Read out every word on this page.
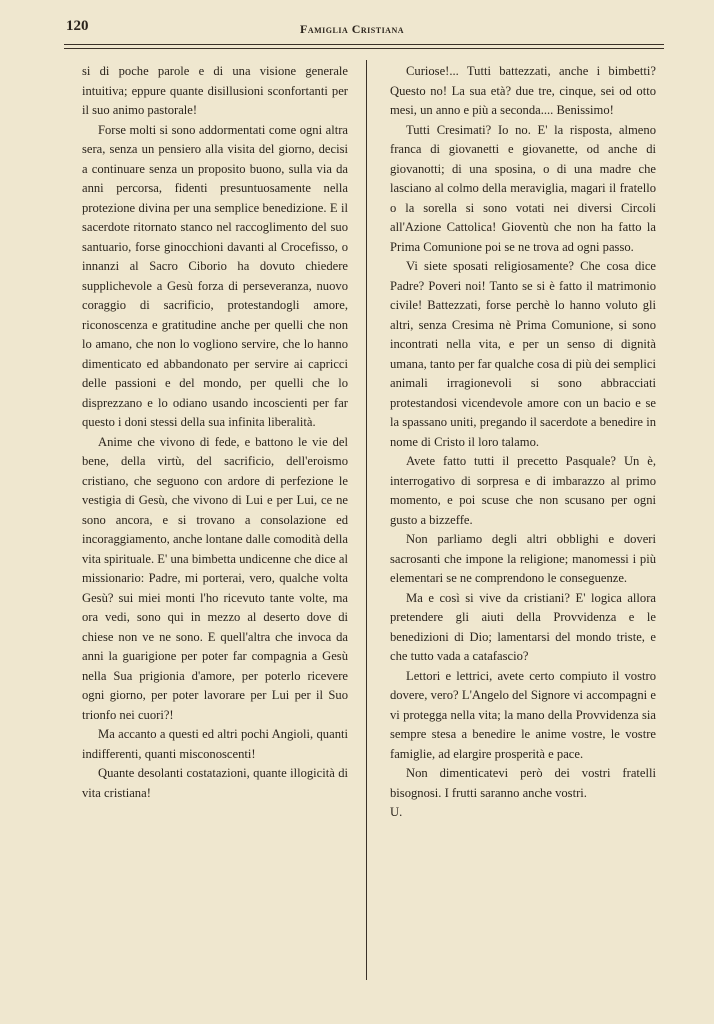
120	Famiglia Cristiana

si di poche parole e di una visione generale intuitiva; eppure quante disillusioni sconfortanti per il suo animo pastorale!

Forse molti si sono addormentati come ogni altra sera, senza un pensiero alla visita del giorno, decisi a continuare senza un proposito buono, sulla via da anni percorsa, fidenti presuntuosamente nella protezione divina per una semplice benedizione. E il sacerdote ritornato stanco nel raccoglimento del suo santuario, forse ginocchioni davanti al Crocefisso, o innanzi al Sacro Ciborio ha dovuto chiedere supplichevole a Gesù forza di perseveranza, nuovo coraggio di sacrificio, protestandogli amore, riconoscenza e gratitudine anche per quelli che non lo amano, che non lo vogliono servire, che lo hanno dimenticato ed abbandonato per servire ai capricci delle passioni e del mondo, per quelli che lo disprezzano e lo odiano usando incoscienti per far questo i doni stessi della sua infinita liberalità.

Anime che vivono di fede, e battono le vie del bene, della virtù, del sacrificio, dell'eroismo cristiano, che seguono con ardore di perfezione le vestigia di Gesù, che vivono di Lui e per Lui, ce ne sono ancora, e si trovano a consolazione ed incoraggiamento, anche lontane dalle comodità della vita spirituale. E' una bimbetta undicenne che dice al missionario: Padre, mi porterai, vero, qualche volta Gesù? sui miei monti l'ho ricevuto tante volte, ma ora vedi, sono qui in mezzo al deserto dove di chiese non ve ne sono. E quell'altra che invoca da anni la guarigione per poter far compagnia a Gesù nella Sua prigionia d'amore, per poterlo ricevere ogni giorno, per poter lavorare per Lui per il Suo trionfo nei cuori?!

Ma accanto a questi ed altri pochi Angioli, quanti indifferenti, quanti misconoscenti!

Quante desolanti costatazioni, quante illogicità di vita cristiana!

Curiose!... Tutti battezzati, anche i bimbetti? Questo no! La sua età? due tre, cinque, sei od otto mesi, un anno e più a seconda.... Benissimo!

Tutti Cresimati? Io no. E' la risposta, almeno franca di giovanetti e giovanette, od anche di giovanotti; di una sposina, o di una madre che lasciano al colmo della meraviglia, magari il fratello o la sorella si sono votati nei diversi Circoli all'Azione Cattolica! Gioventù che non ha fatto la Prima Comunione poi se ne trova ad ogni passo.

Vi siete sposati religiosamente? Che cosa dice Padre? Poveri noi! Tanto se si è fatto il matrimonio civile! Battezzati, forse perchè lo hanno voluto gli altri, senza Cresima nè Prima Comunione, si sono incontrati nella vita, e per un senso di dignità umana, tanto per far qualche cosa di più dei semplici animali irragionevoli si sono abbracciati protestandosi vicendevole amore con un bacio e se la spassano uniti, pregando il sacerdote a benedire in nome di Cristo il loro talamo.

Avete fatto tutti il precetto Pasquale? Un è, interrogativo di sorpresa e di imbarazzo al primo momento, e poi scuse che non scusano per ogni gusto a bizzeffe.

Non parliamo degli altri obblighi e doveri sacrosanti che impone la religione; manomessi i più elementari se ne comprendono le conseguenze.

Ma e così si vive da cristiani? E' logica allora pretendere gli aiuti della Provvidenza e le benedizioni di Dio; lamentarsi del mondo triste, e che tutto vada a catafascio?

Lettori e lettrici, avete certo compiuto il vostro dovere, vero? L'Angelo del Signore vi accompagni e vi protegga nella vita; la mano della Provvidenza sia sempre stesa a benedire le anime vostre, le vostre famiglie, ad elargire prosperità e pace.

Non dimenticatevi però dei vostri fratelli bisognosi. I frutti saranno anche vostri.

U.
